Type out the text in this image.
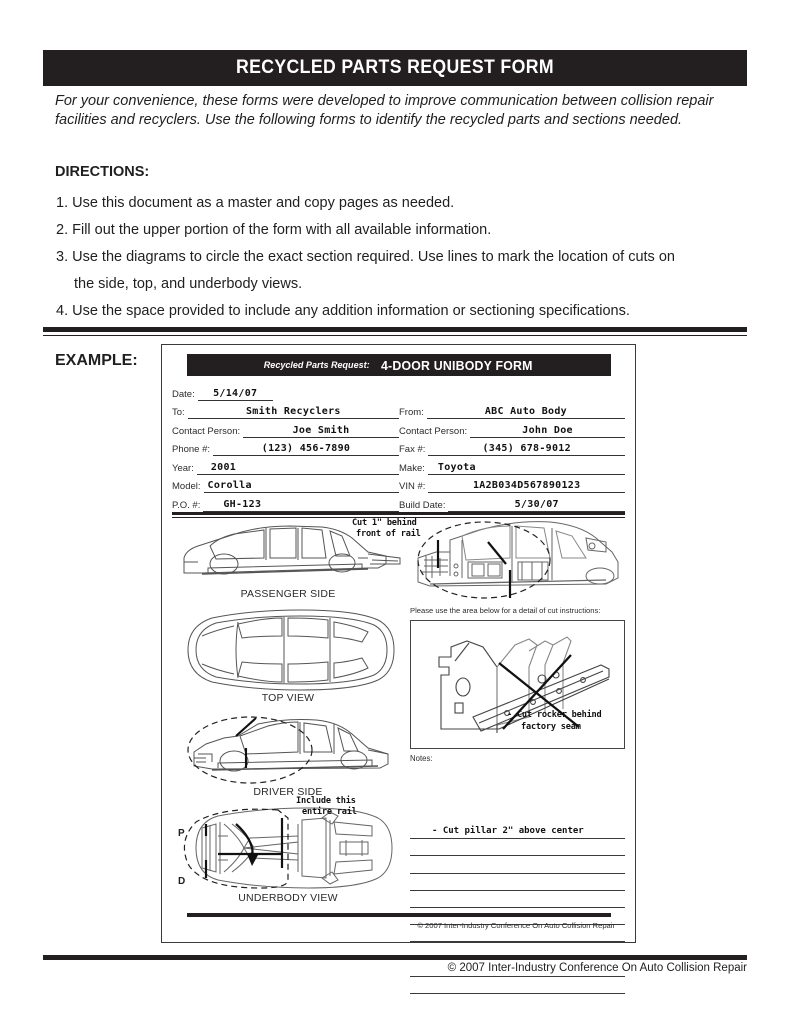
RECYCLED PARTS REQUEST FORM
For your convenience, these forms were developed to improve communication between collision repair facilities and recyclers. Use the following forms to identify the recycled parts and sections needed.
DIRECTIONS:
1. Use this document as a master and copy pages as needed.
2. Fill out the upper portion of the form with all available information.
3. Use the diagrams to circle the exact section required. Use lines to mark the location of cuts on
the side, top, and underbody views.
4. Use the space provided to include any addition information or sectioning specifications.
EXAMPLE:	Recycled Parts Request: 4-DOOR UNIBODY FORM
Date:	5/14/07
To:	Smith Recyclers	From:	ABC Auto Body
Contact Person:	Joe Smith	Contact Person:	John Doe
Phone #:	(123) 456-7890	Fax #:	(345) 678-9012
Year: 2001	Make: Toyota
Model: Corolla	VIN #:	1A2B034D567890123
P.O. #: GH-123	Build Date:	5/30/07
PASSENGER SIDE
TOP VIEW
DRIVER SIDE
P
D
UNDERBODY VIEW
Include this
entire rail
Cut 1" behind
front of rail
Please use the area below for a detail of cut instructions:
- Cut rocker behind
factory seam
Notes:
- Cut pillar 2" above center
© 2007 Inter-Industry Conference On Auto Collision Repair
© 2007 Inter-Industry Conference On Auto Collision Repair
